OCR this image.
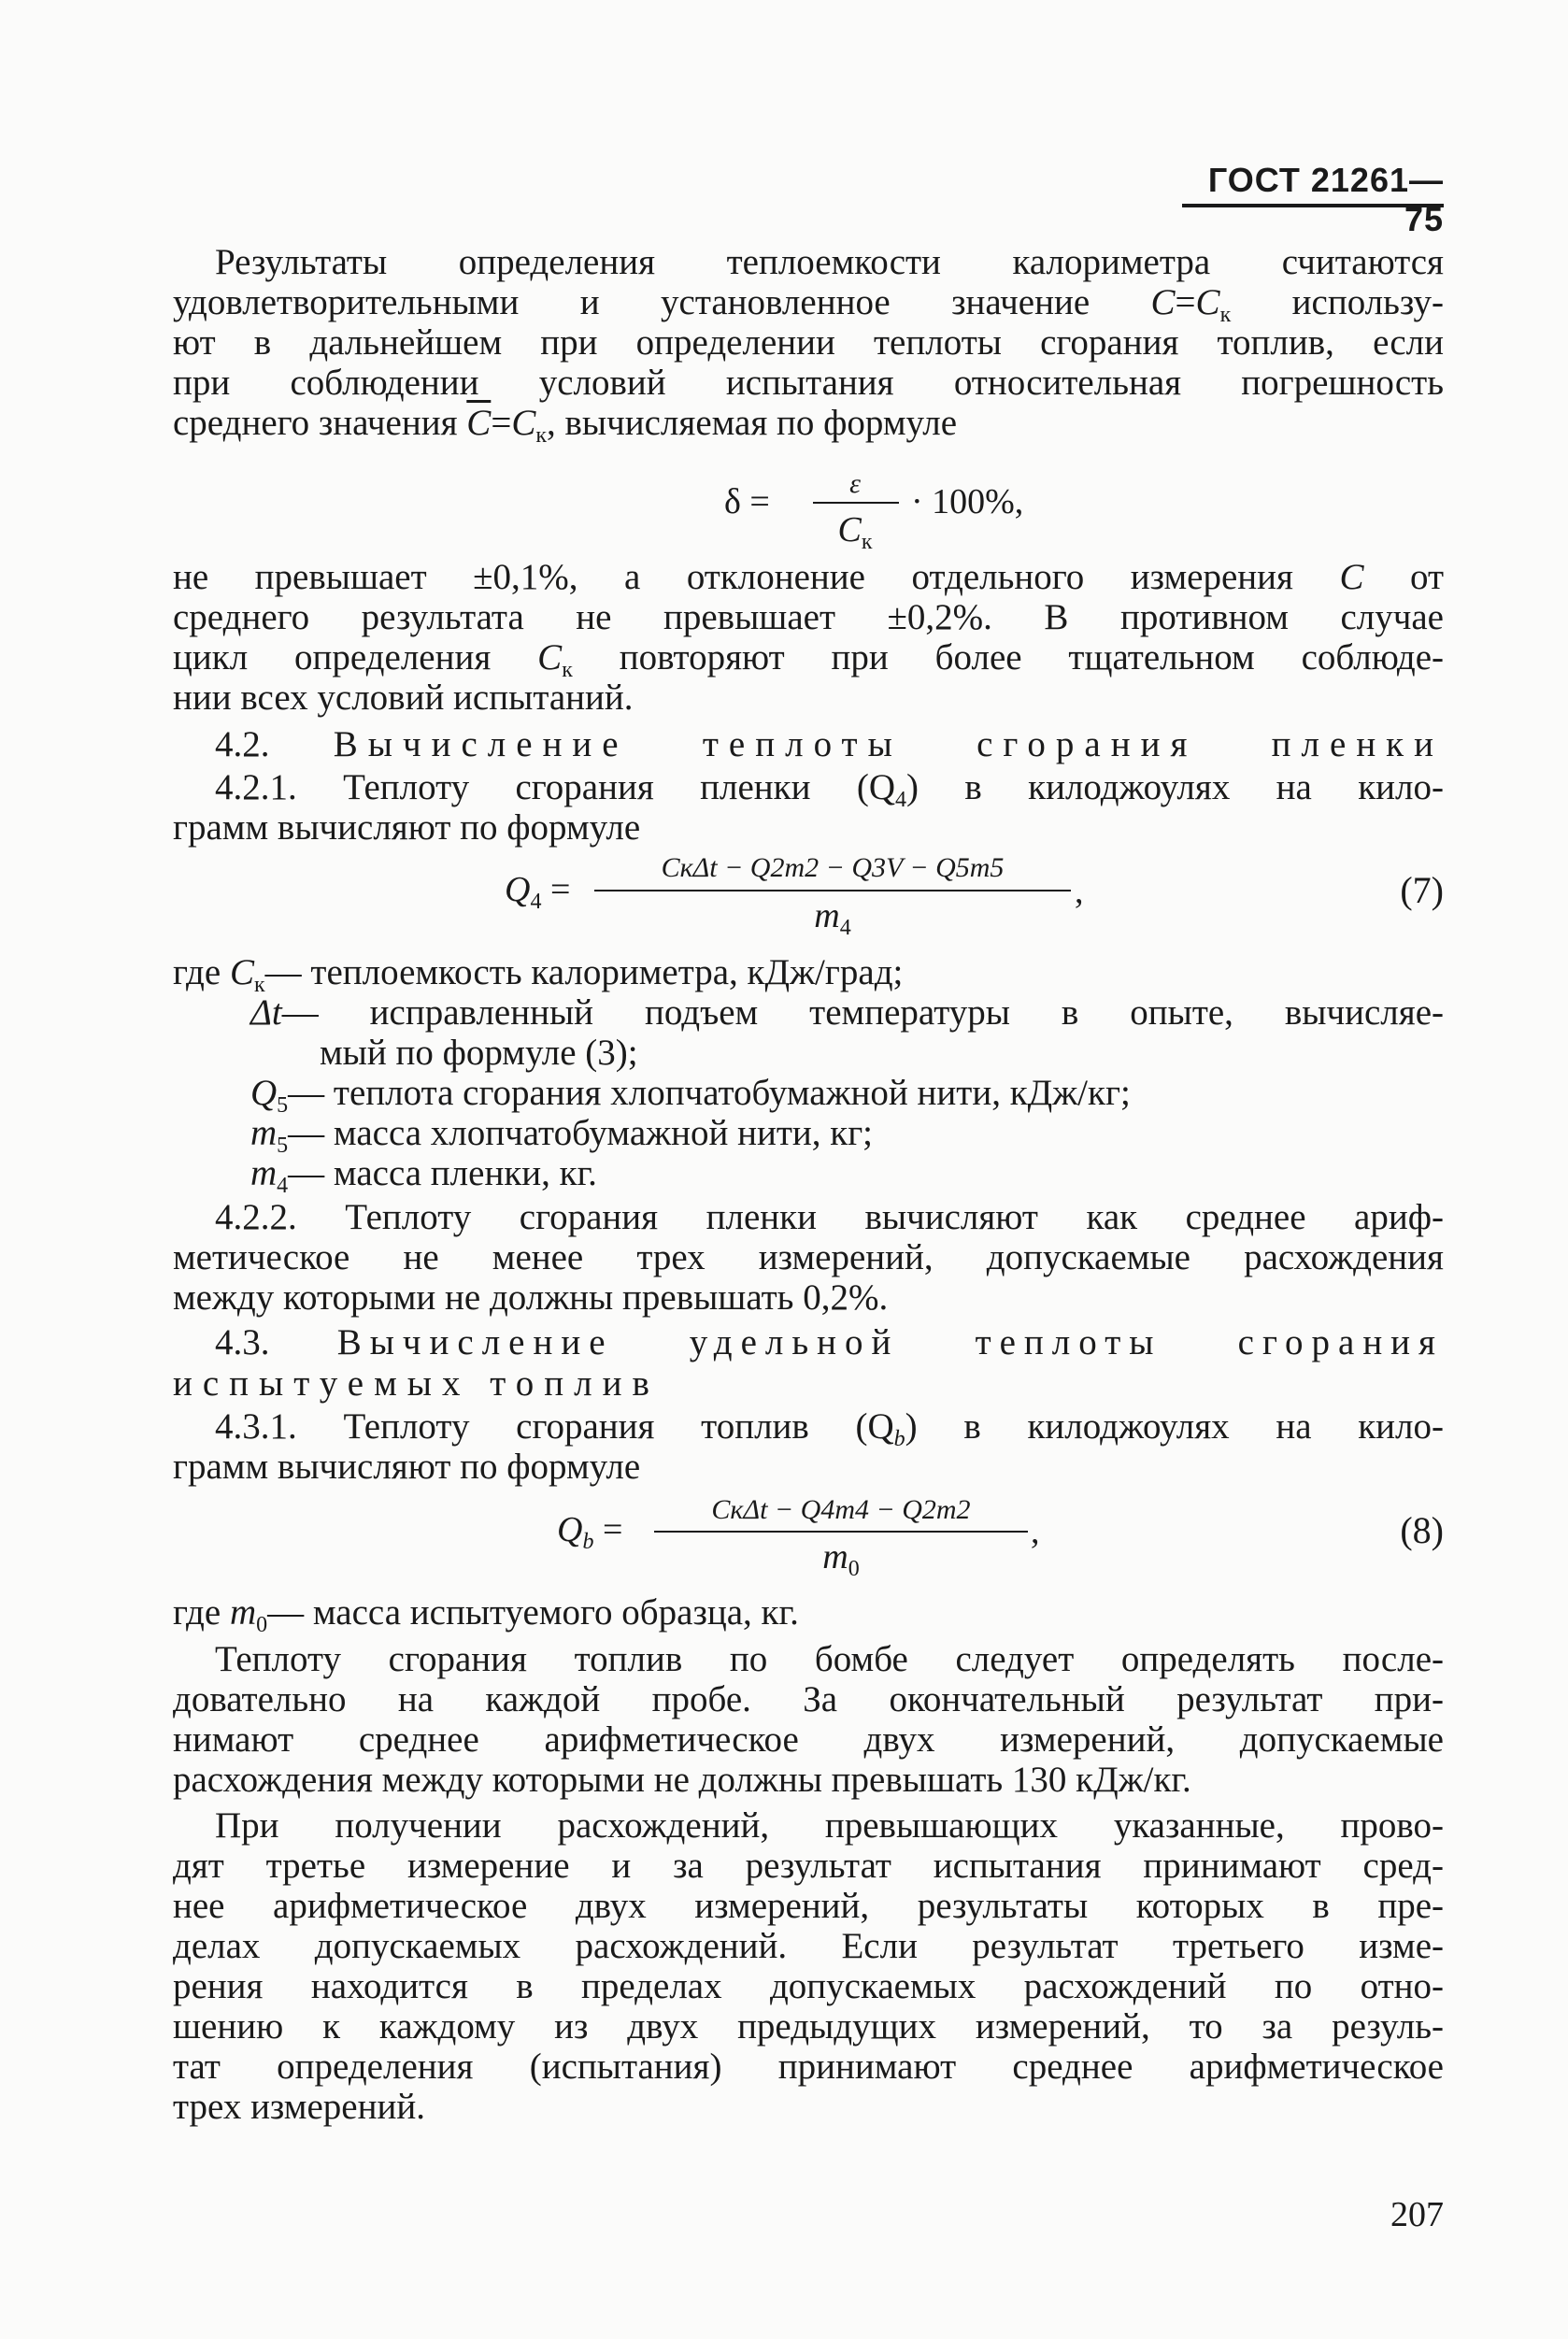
ГОСТ 21261—75
Результаты определения теплоемкости калориметра считаются
удовлетворительными и установленное значение $C=C_к$ использу-
ют в дальнейшем при определении теплоты сгорания топлив, если
при соблюдении условий испытания относительная погрешность
среднего значения $\overline{C}=C_к$, вычисляемая по формуле
δ =	ε
$C_к$
· 100%,
не превышает ±0,1%, а отклонение отдельного измерения C от
среднего результата не превышает ±0,2%. В противном случае
цикл определения $C_к$ повторяют при более тщательном соблюде-
нии всех условий испытаний.
4.2. Вычисление теплоты сгорания пленки
4.2.1. Теплоту сгорания пленки $(Q_4)$ в килоджоулях на кило-
грамм вычисляют по формуле
$Q_4$ =
CкΔt − Q2m2 − Q3V − Q5m5
$m_4$
,	(7)
где $C_к—$ теплоемкость калориметра, кДж/град;
Δt— исправленный подъем температуры в опыте, вычисляе-
мый по формуле (3);
$Q_5—$ теплота сгорания хлопчатобумажной нити, кДж/кг;
$m_5—$ масса хлопчатобумажной нити, кг;
$m_4—$ масса пленки, кг.
4.2.2. Теплоту сгорания пленки вычисляют как среднее ариф-
метическое не менее трех измерений, допускаемые расхождения
между которыми не должны превышать 0,2%.
4.3. Вычисление удельной теплоты сгорания
испытуемых топлив
4.3.1. Теплоту сгорания топлив $(Q_b)$ в килоджоулях на кило-
грамм вычисляют по формуле
$Q_b$ =
CкΔt − Q4m4 − Q2m2
$m_0$
,	(8)
где $m_0—$ масса испытуемого образца, кг.
Теплоту сгорания топлив по бомбе следует определять после-
довательно на каждой пробе. За окончательный результат при-
нимают среднее арифметическое двух измерений, допускаемые
расхождения между которыми не должны превышать 130 кДж/кг.
При получении расхождений, превышающих указанные, прово-
дят третье измерение и за результат испытания принимают сред-
нее арифметическое двух измерений, результаты которых в пре-
делах допускаемых расхождений. Если результат третьего изме-
рения находится в пределах допускаемых расхождений по отно-
шению к каждому из двух предыдущих измерений, то за резуль-
тат определения (испытания) принимают среднее арифметическое
трех измерений.
207
